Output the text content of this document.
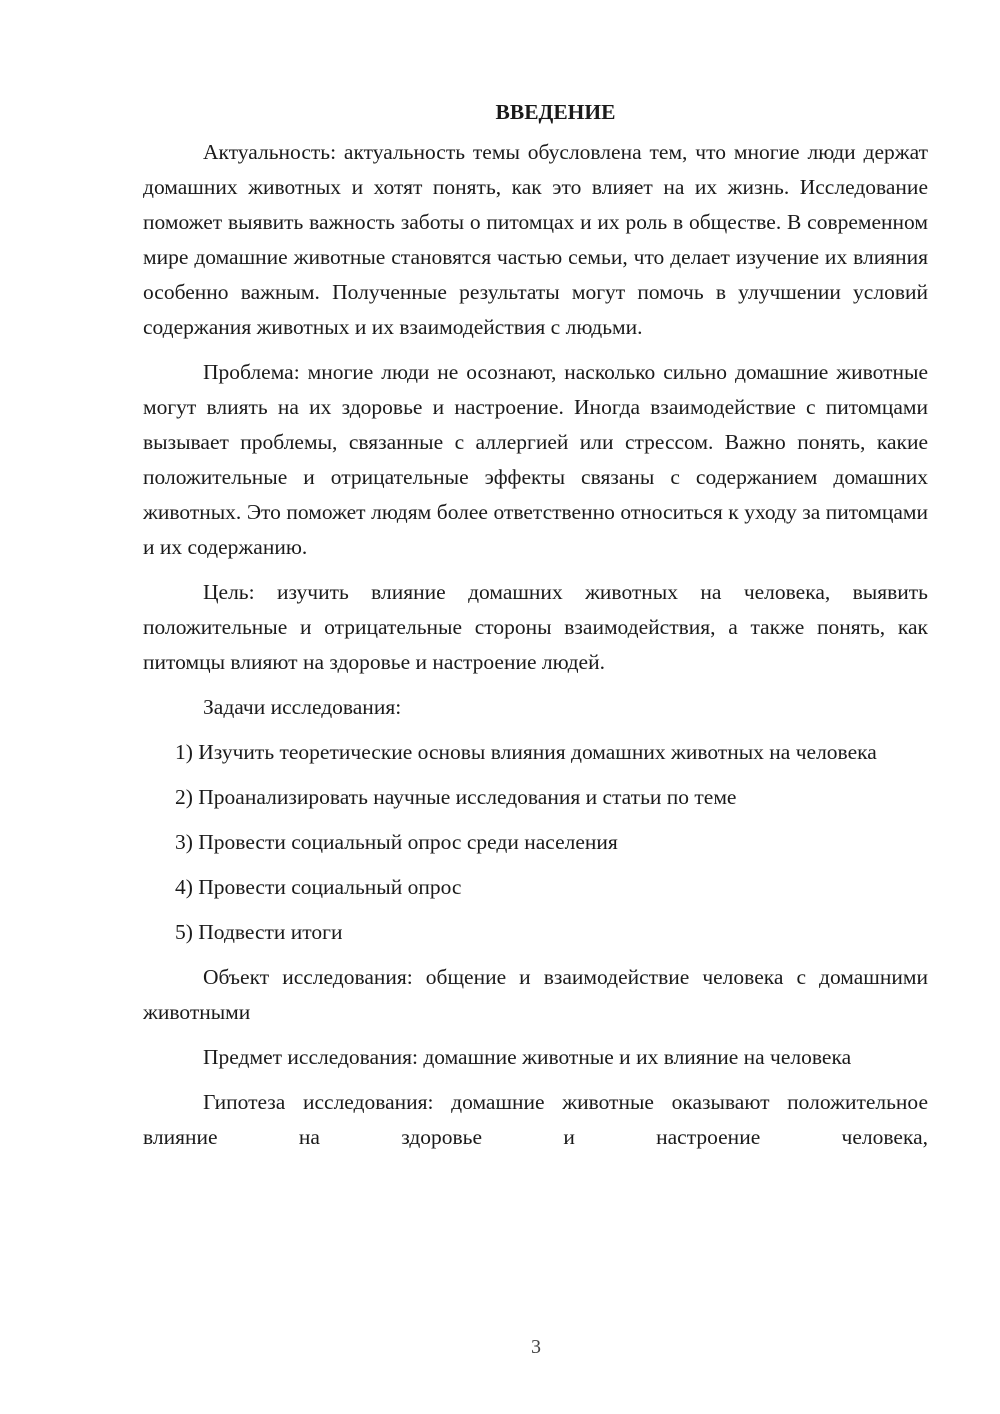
ВВЕДЕНИЕ

Актуальность: актуальность темы обусловлена тем, что многие люди держат домашних животных и хотят понять, как это влияет на их жизнь. Исследование поможет выявить важность заботы о питомцах и их роль в обществе. В современном мире домашние животные становятся частью семьи, что делает изучение их влияния особенно важным. Полученные результаты могут помочь в улучшении условий содержания животных и их взаимодействия с людьми.

Проблема: многие люди не осознают, насколько сильно домашние животные могут влиять на их здоровье и настроение. Иногда взаимодействие с питомцами вызывает проблемы, связанные с аллергией или стрессом. Важно понять, какие положительные и отрицательные эффекты связаны с содержанием домашних животных. Это поможет людям более ответственно относиться к уходу за питомцами и их содержанию.

Цель: изучить влияние домашних животных на человека, выявить положительные и отрицательные стороны взаимодействия, а также понять, как питомцы влияют на здоровье и настроение людей.

Задачи исследования:

1) Изучить теоретические основы влияния домашних животных на человека

2) Проанализировать научные исследования и статьи по теме

3) Провести социальный опрос среди населения

4) Провести социальный опрос

5) Подвести итоги

Объект исследования: общение и взаимодействие человека с домашними животными

Предмет исследования: домашние животные и их влияние на человека

Гипотеза исследования: домашние животные оказывают положительное влияние на здоровье и настроение человека,

3
